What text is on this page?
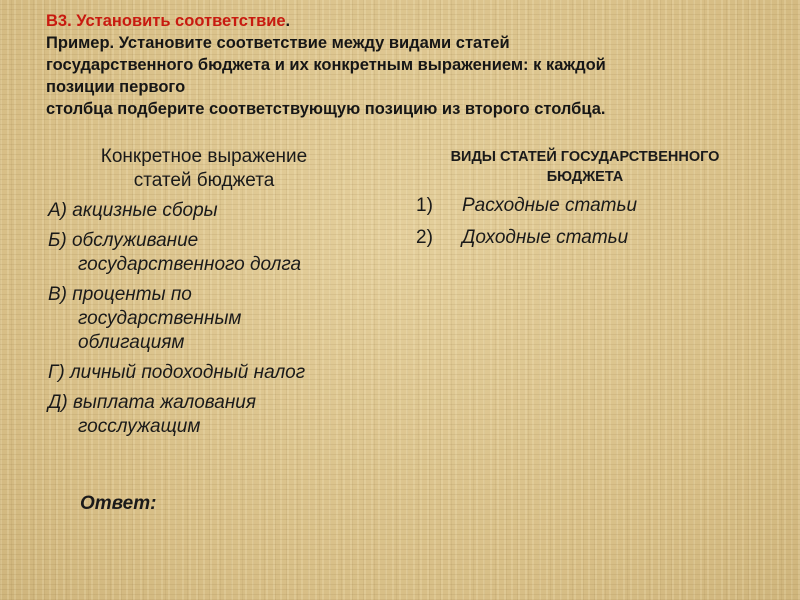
В3. Установить соответствие.
Пример. Установите соответствие между видами статей
государственного бюджета и их конкретным выражением: к каждой
позиции первого
столбца подберите соответствующую позицию из второго столбца.
Конкретное выражение
статей бюджета
А) акцизные сборы
Б) обслуживание
государственного долга
В) проценты по
государственным
облигациям
Г) личный подоходный налог
Д) выплата жалования
госслужащим
Ответ:
ВИДЫ СТАТЕЙ ГОСУДАРСТВЕННОГО
БЮДЖЕТА
1)	Расходные статьи
2)	Доходные статьи
